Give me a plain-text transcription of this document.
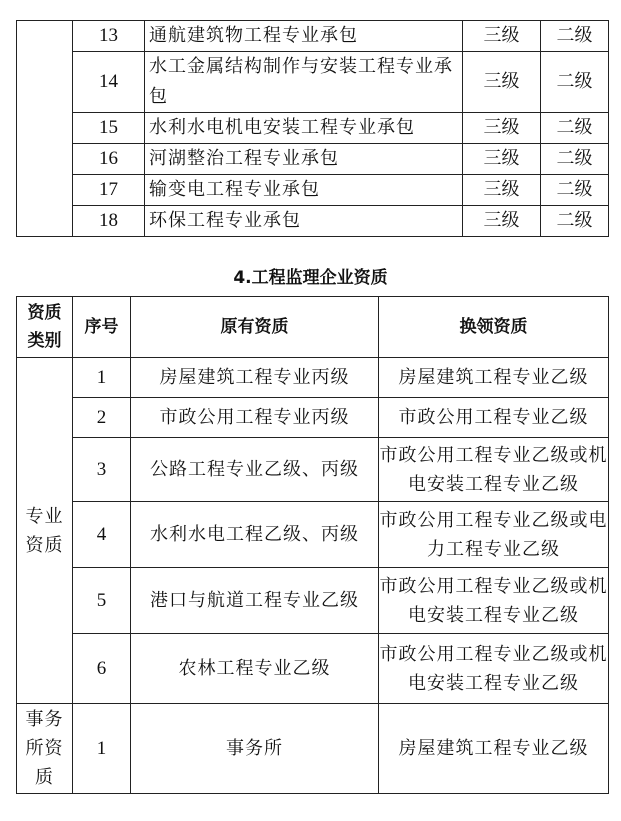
	13	通航建筑物工程专业承包	三级	二级
	14	水工金属结构制作与安装工程专业承包	三级	二级
	15	水利水电机电安装工程专业承包	三级	二级
	16	河湖整治工程专业承包	三级	二级
	17	输变电工程专业承包	三级	二级
	18	环保工程专业承包	三级	二级
4.工程监理企业资质
资质类别	序号	原有资质	换领资质

专业资质	1	房屋建筑工程专业丙级	房屋建筑工程专业乙级
	2	市政公用工程专业丙级	市政公用工程专业乙级
	3	公路工程专业乙级、丙级	市政公用工程专业乙级或机电安装工程专业乙级
	4	水利水电工程乙级、丙级	市政公用工程专业乙级或电力工程专业乙级
	5	港口与航道工程专业乙级	市政公用工程专业乙级或机电安装工程专业乙级
	6	农林工程专业乙级	市政公用工程专业乙级或机电安装工程专业乙级

事务所资质	1	事务所	房屋建筑工程专业乙级
